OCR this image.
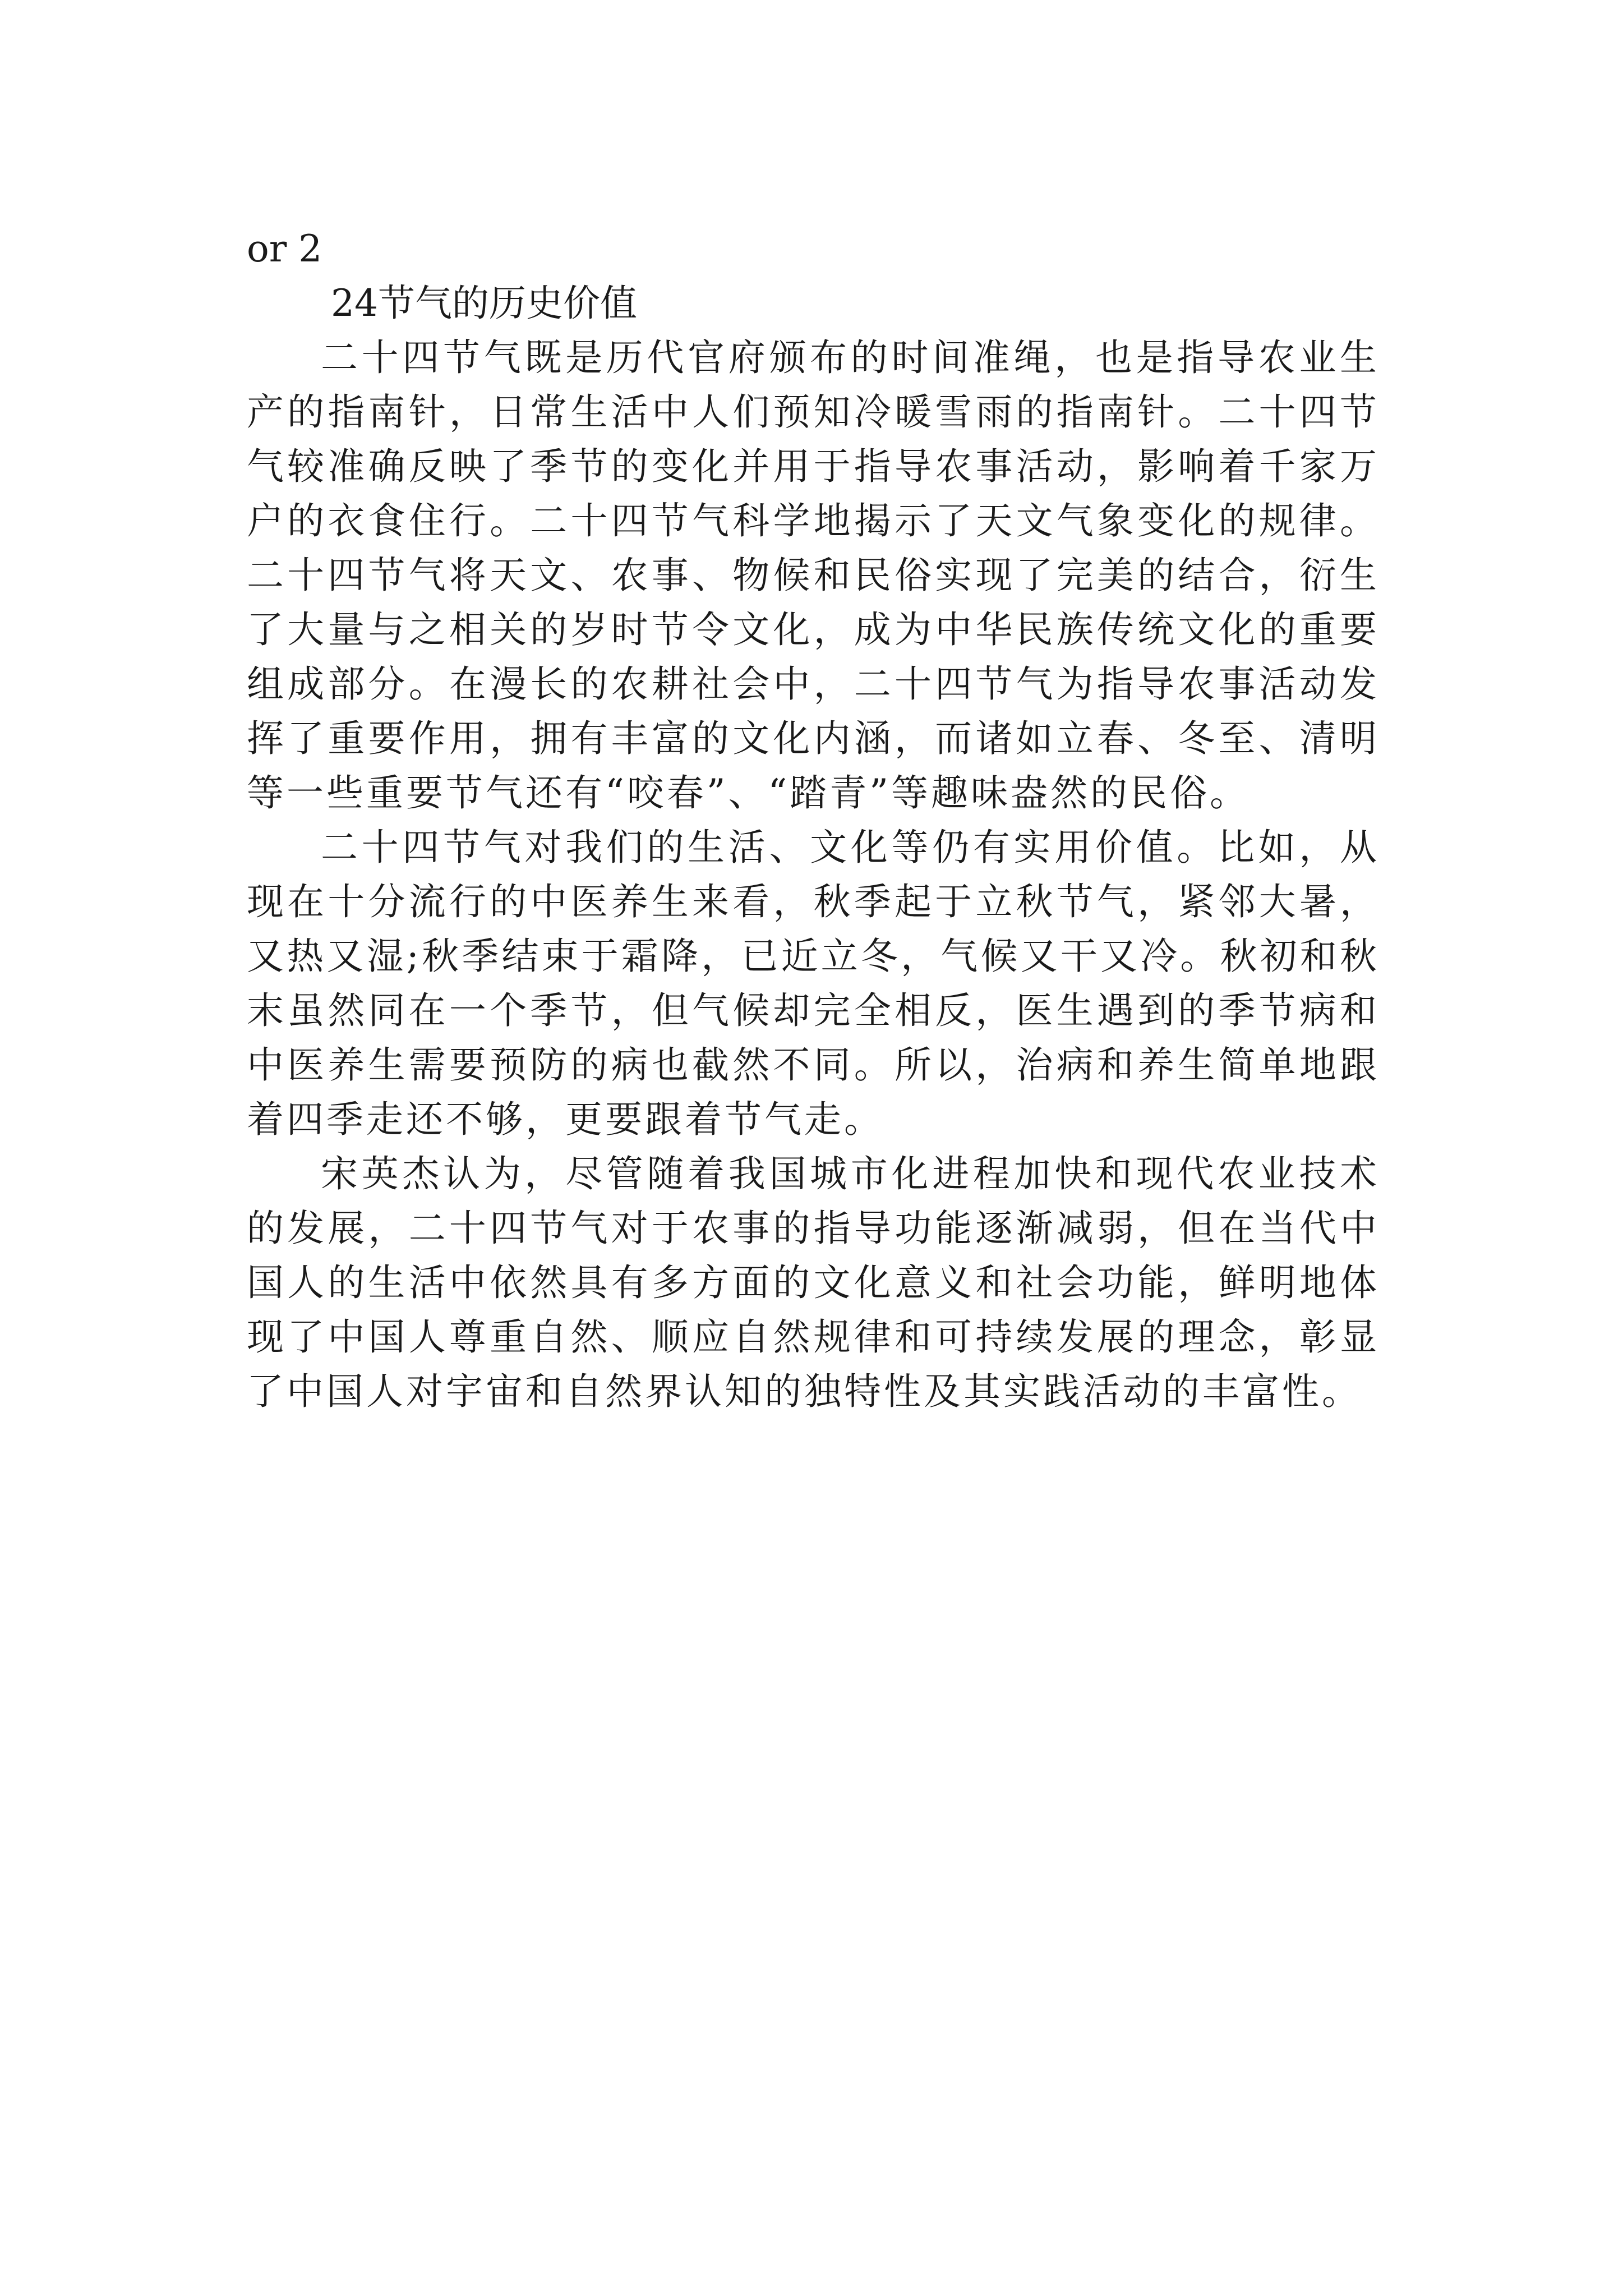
or 2

24节气的历史价值

二十四节气既是历代官府颁布的时间准绳，也是指导农业生产的指南针，日常生活中人们预知冷暖雪雨的指南针。二十四节气较准确反映了季节的变化并用于指导农事活动，影响着千家万户的衣食住行。二十四节气科学地揭示了天文气象变化的规律。二十四节气将天文、农事、物候和民俗实现了完美的结合，衍生了大量与之相关的岁时节令文化，成为中华民族传统文化的重要组成部分。在漫长的农耕社会中，二十四节气为指导农事活动发挥了重要作用，拥有丰富的文化内涵，而诸如立春、冬至、清明等一些重要节气还有“咬春”、“踏青”等趣味盎然的民俗。

二十四节气对我们的生活、文化等仍有实用价值。比如，从现在十分流行的中医养生来看，秋季起于立秋节气，紧邻大暑，又热又湿;秋季结束于霜降，已近立冬，气候又干又冷。秋初和秋末虽然同在一个季节，但气候却完全相反，医生遇到的季节病和中医养生需要预防的病也截然不同。所以，治病和养生简单地跟着四季走还不够，更要跟着节气走。

宋英杰认为，尽管随着我国城市化进程加快和现代农业技术的发展，二十四节气对于农事的指导功能逐渐减弱，但在当代中国人的生活中依然具有多方面的文化意义和社会功能，鲜明地体现了中国人尊重自然、顺应自然规律和可持续发展的理念，彰显了中国人对宇宙和自然界认知的独特性及其实践活动的丰富性。
